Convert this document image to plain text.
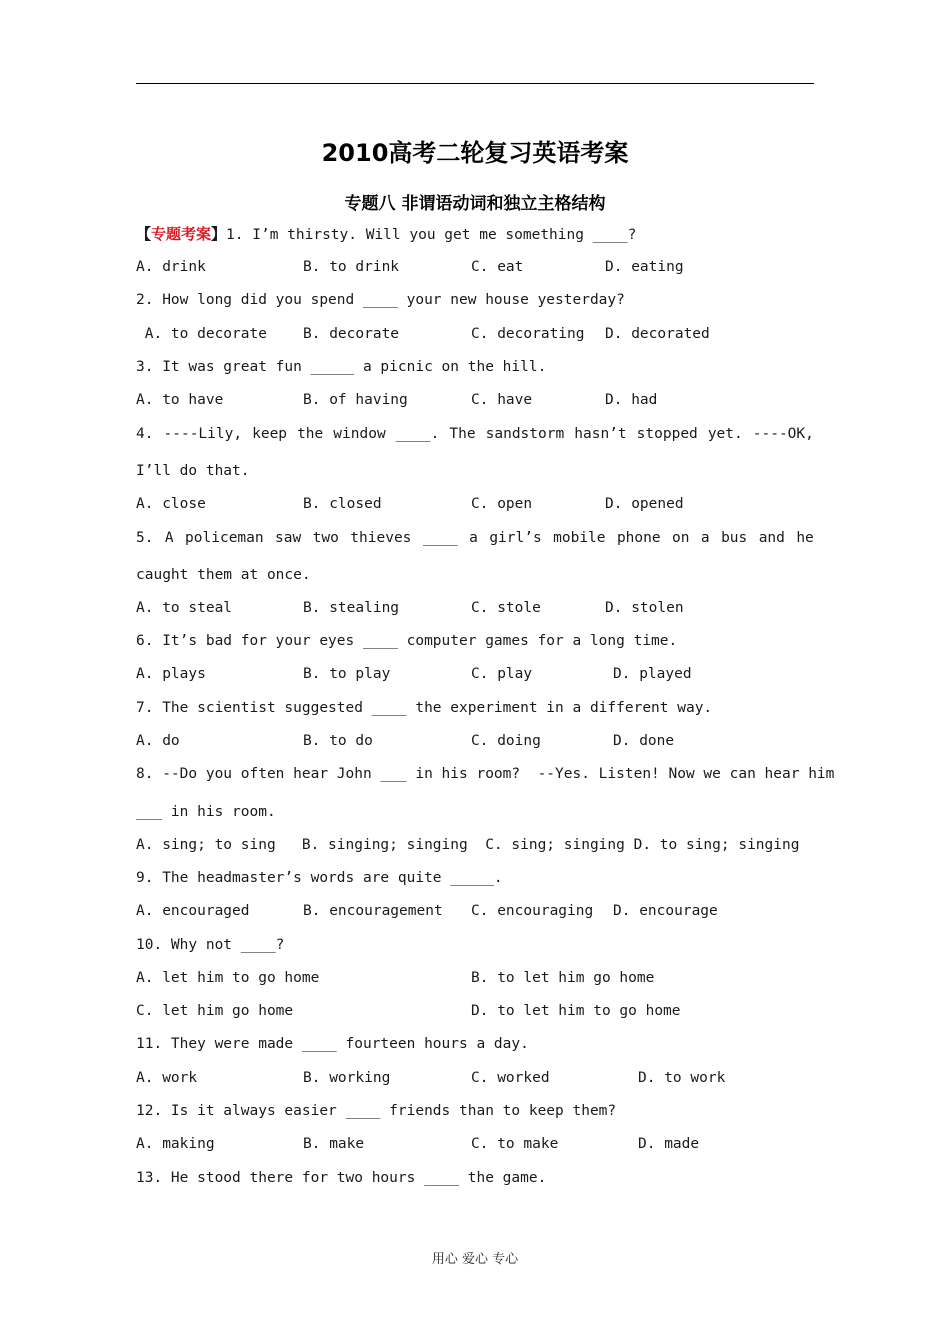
2010高考二轮复习英语考案
专题八 非谓语动词和独立主格结构
【专题考案】1. I’m thirsty. Will you get me something ____?
A. drink	B. to drink	C. eat	D. eating
2. How long did you spend ____ your new house yesterday?
A. to decorate B. decorate	C. decorating D. decorated
3. It was great fun _____ a picnic on the hill.
A. to have	B. of having	C. have	D. had
4. ----Lily, keep the window ____. The sandstorm hasn’t stopped yet. ----OK,
I’ll do that.
A. close	B. closed	C. open	D. opened
5. A policeman saw two thieves ____ a girl’s mobile phone on a bus and he
caught them at once.
A. to steal	B. stealing	C. stole	D. stolen
6. It’s bad for your eyes ____ computer games for a long time.
A. plays	B. to play	C. play	D. played
7. The scientist suggested ____ the experiment in a different way.
A. do	B. to do	C. doing	D. done
8. --Do you often hear John ___ in his room?  --Yes. Listen! Now we can hear him
___ in his room.
A. sing; to sing   B. singing; singing  C. sing; singing D. to sing; singing
9. The headmaster’s words are quite _____.
A. encouraged	B. encouragement C. encouraging D. encourage
10. Why not ____?
A. let him to go home	B. to let him go home
C. let him go home	D. to let him to go home
11. They were made ____ fourteen hours a day.
A. work	B. working	C. worked	D. to work
12. Is it always easier ____ friends than to keep them?
A. making	B. make	C. to make	D. made
13. He stood there for two hours ____ the game.
用心 爱心 专心
